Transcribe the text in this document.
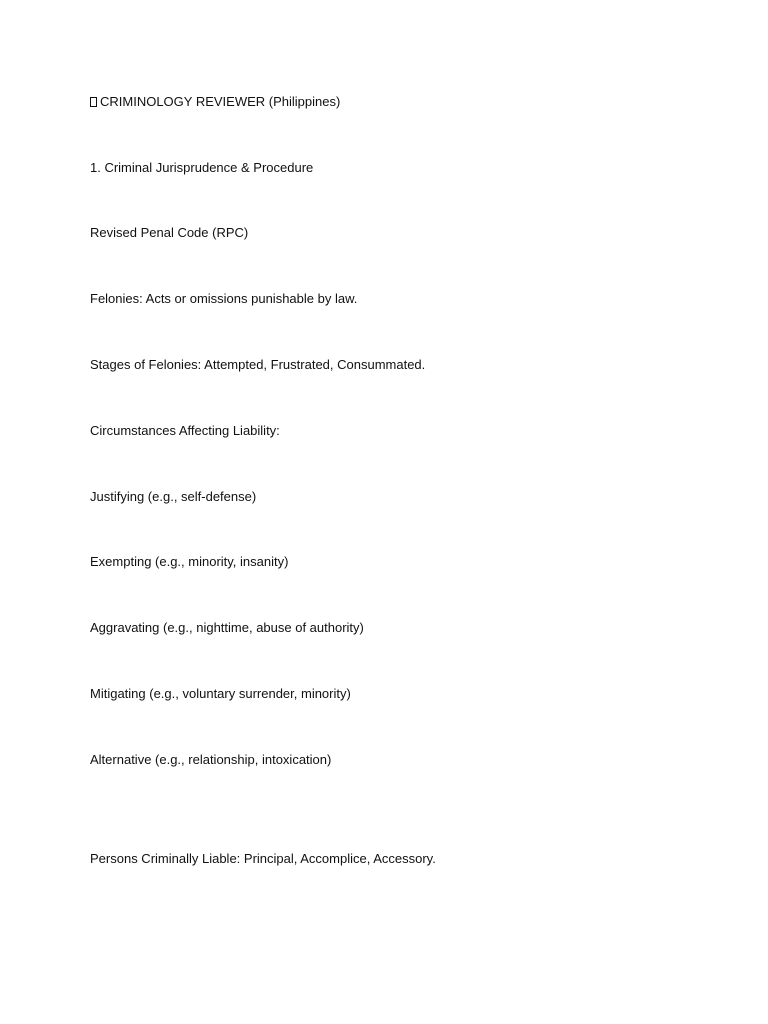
CRIMINOLOGY REVIEWER (Philippines)
1. Criminal Jurisprudence & Procedure
Revised Penal Code (RPC)
Felonies: Acts or omissions punishable by law.
Stages of Felonies: Attempted, Frustrated, Consummated.
Circumstances Affecting Liability:
Justifying (e.g., self-defense)
Exempting (e.g., minority, insanity)
Aggravating (e.g., nighttime, abuse of authority)
Mitigating (e.g., voluntary surrender, minority)
Alternative (e.g., relationship, intoxication)
Persons Criminally Liable: Principal, Accomplice, Accessory.
